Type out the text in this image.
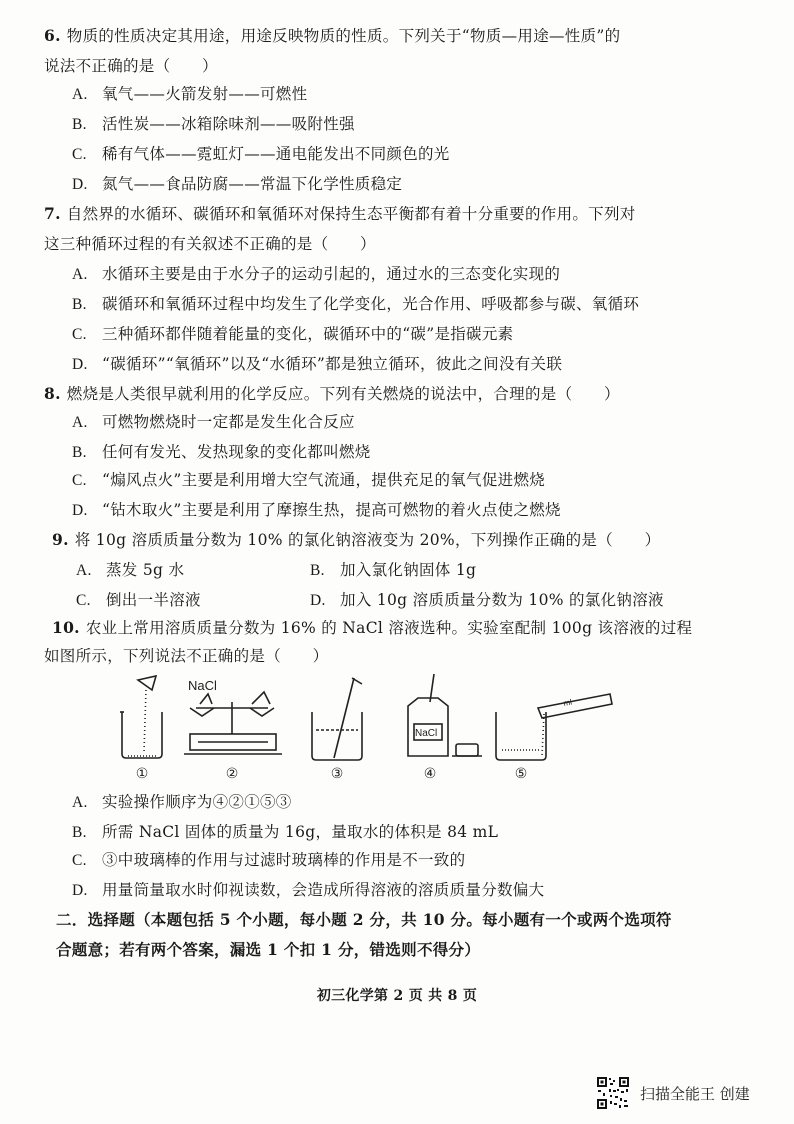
6. 物质的性质决定其用途，用途反映物质的性质。下列关于“物质—用途—性质”的
说法不正确的是（　　）
A. 氧气——火箭发射——可燃性
B. 活性炭——冰箱除味剂——吸附性强
C. 稀有气体——霓虹灯——通电能发出不同颜色的光
D. 氮气——食品防腐——常温下化学性质稳定
7. 自然界的水循环、碳循环和氧循环对保持生态平衡都有着十分重要的作用。下列对
这三种循环过程的有关叙述不正确的是（　　）
A. 水循环主要是由于水分子的运动引起的，通过水的三态变化实现的
B. 碳循环和氧循环过程中均发生了化学变化，光合作用、呼吸都参与碳、氧循环
C. 三种循环都伴随着能量的变化，碳循环中的“碳”是指碳元素
D. “碳循环”“氧循环”以及“水循环”都是独立循环，彼此之间没有关联
8. 燃烧是人类很早就利用的化学反应。下列有关燃烧的说法中，合理的是（　　）
A. 可燃物燃烧时一定都是发生化合反应
B. 任何有发光、发热现象的变化都叫燃烧
C. “煽风点火”主要是利用增大空气流通，提供充足的氧气促进燃烧
D. “钻木取火”主要是利用了摩擦生热，提高可燃物的着火点使之燃烧
9. 将 10g 溶质质量分数为 10% 的氯化钠溶液变为 20%，下列操作正确的是（　　）
A. 蒸发 5g 水	B. 加入氯化钠固体 1g
C. 倒出一半溶液	D. 加入 10g 溶质质量分数为 10% 的氯化钠溶液
10. 农业上常用溶质质量分数为 16% 的 NaCl 溶液选种。实验室配制 100g 该溶液的过程
如图所示，下列说法不正确的是（　　）
NaCl
NaCl
ml
①	②	③	④	⑤
A. 实验操作顺序为④②①⑤③
B. 所需 NaCl 固体的质量为 16g，量取水的体积是 84 mL
C. ③中玻璃棒的作用与过滤时玻璃棒的作用是不一致的
D. 用量筒量取水时仰视读数，会造成所得溶液的溶质质量分数偏大
二．选择题（本题包括 5 个小题，每小题 2 分，共 10 分。每小题有一个或两个选项符
合题意；若有两个答案，漏选 1 个扣 1 分，错选则不得分）
初三化学第 2 页 共 8 页
扫描全能王 创建
